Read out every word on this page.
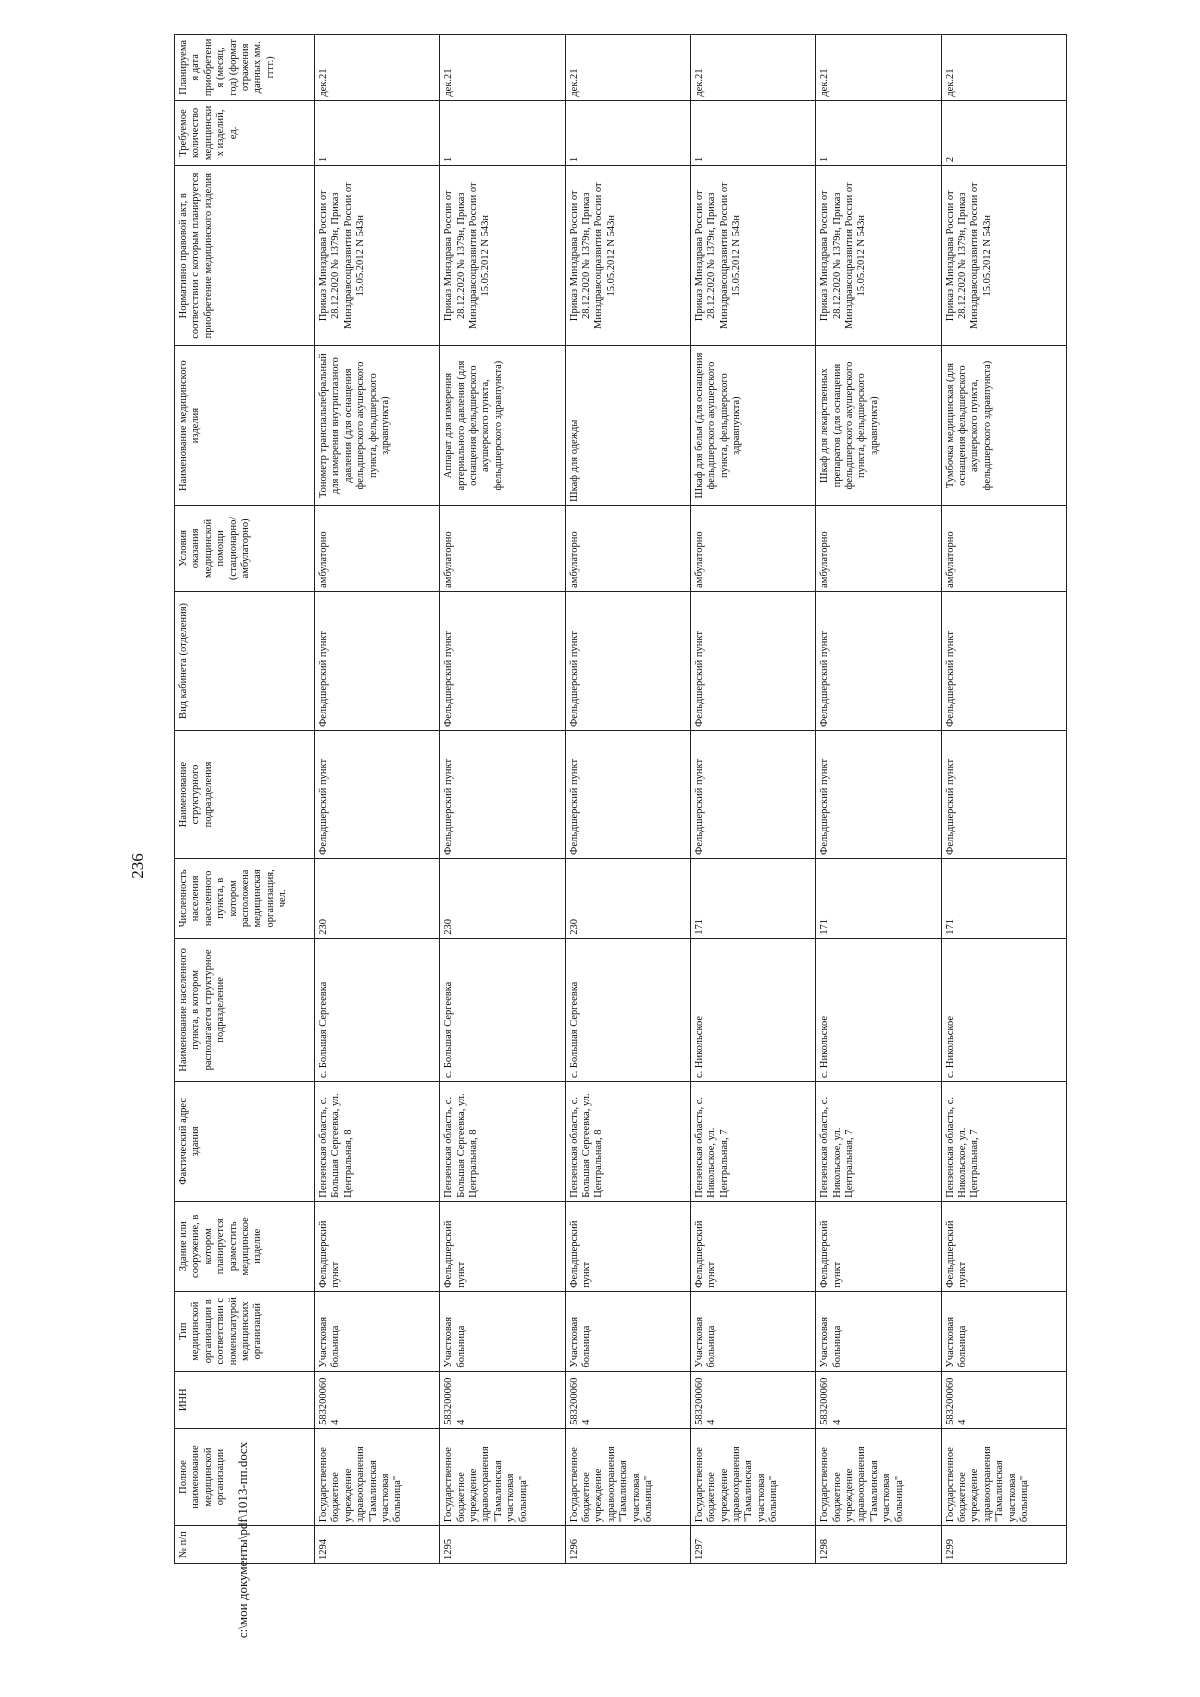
236
c:\мои документы\pdf\1013-пп.docx
№ п/п	Полное наименование медицинской организации	ИНН	Тип медицинской организации в соответствии с номенклатурой медицинских организаций	Здание или сооружение, в котором планируется разместить медицинское изделие	Фактический адрес здания	Наименование населенного пункта, в котором располагается структурное подразделение	Численность населения населенного пункта, в котором расположена медицинская организация, чел.	Наименование структурного подразделения	Вид кабинета (отделения)	Условия оказания медицинской помощи (стационарно/амбулаторно)	Наименование медицинского изделия	Нормативно правовой акт, в соответствии с которым планируется приобретение медицинского изделия	Требуемое количество медицинских изделий, ед.	Планируемая дата приобретения (месяц, год) (формат отражения данных мм. гггг.)
1294	Государственное бюджетное учреждение здравоохранения "Тамалинская участковая больница"	5832000604	Участковая больница	Фельдшерский пункт	Пензенская область, с. Большая Сергеевка, ул. Центральная, 8	с. Большая Сергеевка	230	Фельдшерский пункт	Фельдшерский пункт	амбулаторно	Тонометр транспальпебральный для измерения внутриглазного давления (для оснащения фельдшерского акушерского пункта, фельдшерского здравпункта)	Приказ Минздрава России от 28.12.2020 № 1379н, Приказ Минздравсоцразвития России от 15.05.2012 N 543н	1	дек.21
1295	Государственное бюджетное учреждение здравоохранения "Тамалинская участковая больница"	5832000604	Участковая больница	Фельдшерский пункт	Пензенская область, с. Большая Сергеевка, ул. Центральная, 8	с. Большая Сергеевка	230	Фельдшерский пункт	Фельдшерский пункт	амбулаторно	Аппарат для измерения артериального давления (для оснащения фельдшерского акушерского пункта, фельдшерского здравпункта)	Приказ Минздрава России от 28.12.2020 № 1379н, Приказ Минздравсоцразвития России от 15.05.2012 N 543н	1	дек.21
1296	Государственное бюджетное учреждение здравоохранения "Тамалинская участковая больница"	5832000604	Участковая больница	Фельдшерский пункт	Пензенская область, с. Большая Сергеевка, ул. Центральная, 8	с. Большая Сергеевка	230	Фельдшерский пункт	Фельдшерский пункт	амбулаторно	Шкаф для одежды	Приказ Минздрава России от 28.12.2020 № 1379н, Приказ Минздравсоцразвития России от 15.05.2012 N 543н	1	дек.21
1297	Государственное бюджетное учреждение здравоохранения "Тамалинская участковая больница"	5832000604	Участковая больница	Фельдшерский пункт	Пензенская область, с. Никольское, ул. Центральная, 7	с. Никольское	171	Фельдшерский пункт	Фельдшерский пункт	амбулаторно	Шкаф для белья (для оснащения фельдшерского акушерского пункта, фельдшерского здравпункта)	Приказ Минздрава России от 28.12.2020 № 1379н, Приказ Минздравсоцразвития России от 15.05.2012 N 543н	1	дек.21
1298	Государственное бюджетное учреждение здравоохранения "Тамалинская участковая больница"	5832000604	Участковая больница	Фельдшерский пункт	Пензенская область, с. Никольское, ул. Центральная, 7	с. Никольское	171	Фельдшерский пункт	Фельдшерский пункт	амбулаторно	Шкаф для лекарственных препаратов (для оснащения фельдшерского акушерского пункта, фельдшерского здравпункта)	Приказ Минздрава России от 28.12.2020 № 1379н, Приказ Минздравсоцразвития России от 15.05.2012 N 543н	1	дек.21
1299	Государственное бюджетное учреждение здравоохранения "Тамалинская участковая больница"	5832000604	Участковая больница	Фельдшерский пункт	Пензенская область, с. Никольское, ул. Центральная, 7	с. Никольское	171	Фельдшерский пункт	Фельдшерский пункт	амбулаторно	Тумбочка медицинская (для оснащения фельдшерского акушерского пункта, фельдшерского здравпункта)	Приказ Минздрава России от 28.12.2020 № 1379н, Приказ Минздравсоцразвития России от 15.05.2012 N 543н	2	дек.21
